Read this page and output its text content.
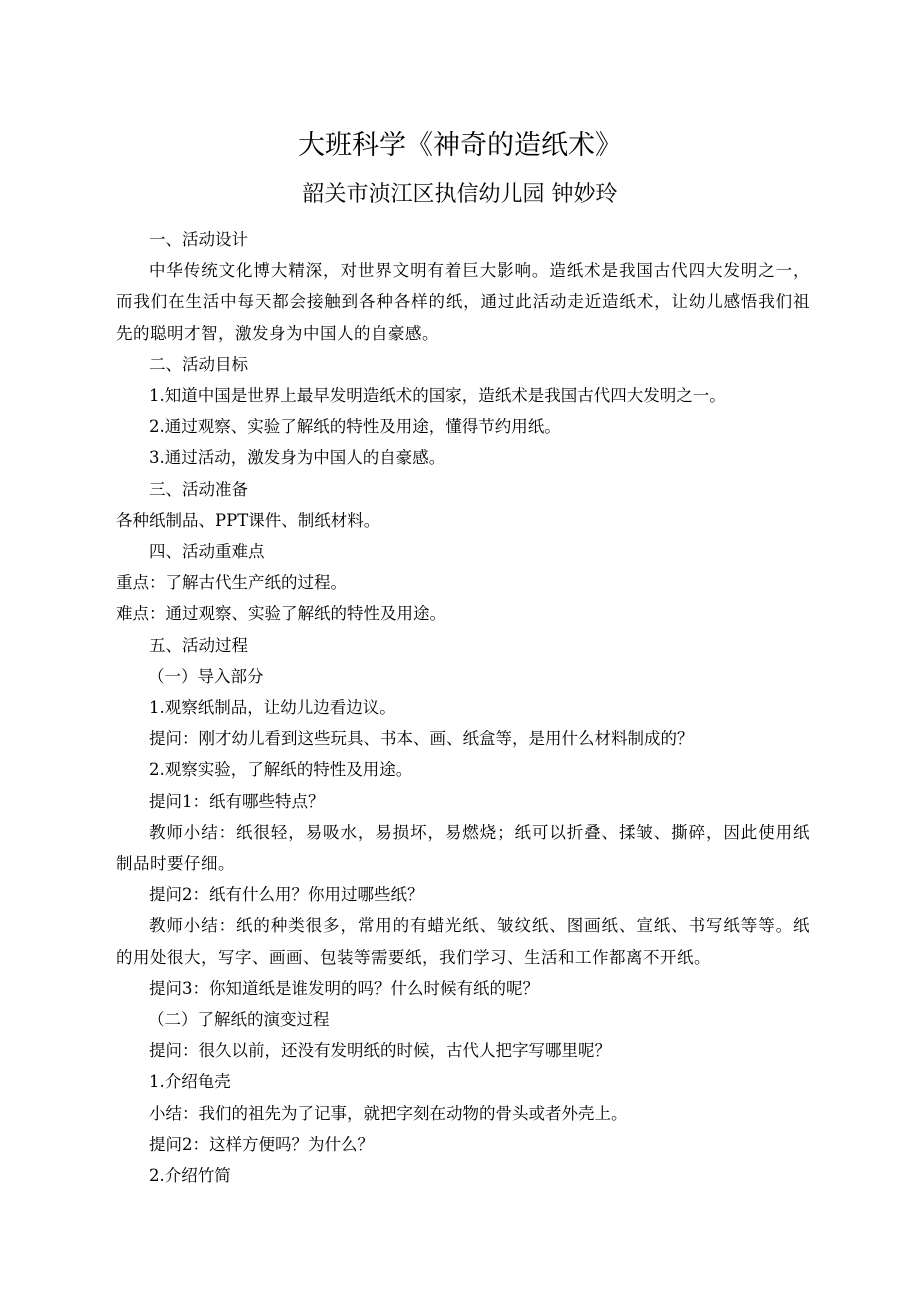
大班科学《神奇的造纸术》
韶关市浈江区执信幼儿园 钟妙玲

一、活动设计

中华传统文化博大精深，对世界文明有着巨大影响。造纸术是我国古代四大发明之一，而我们在生活中每天都会接触到各种各样的纸，通过此活动走近造纸术，让幼儿感悟我们祖先的聪明才智，激发身为中国人的自豪感。

二、活动目标

1.知道中国是世界上最早发明造纸术的国家，造纸术是我国古代四大发明之一。

2.通过观察、实验了解纸的特性及用途，懂得节约用纸。

3.通过活动，激发身为中国人的自豪感。

三、活动准备

各种纸制品、PPT课件、制纸材料。

四、活动重难点

重点：了解古代生产纸的过程。

难点：通过观察、实验了解纸的特性及用途。

五、活动过程

（一）导入部分

1.观察纸制品，让幼儿边看边议。

提问：刚才幼儿看到这些玩具、书本、画、纸盒等，是用什么材料制成的？

2.观察实验，了解纸的特性及用途。

提问1：纸有哪些特点？

教师小结：纸很轻，易吸水，易损坏，易燃烧；纸可以折叠、揉皱、撕碎，因此使用纸制品时要仔细。

提问2：纸有什么用？你用过哪些纸？

教师小结：纸的种类很多，常用的有蜡光纸、皱纹纸、图画纸、宣纸、书写纸等等。纸的用处很大，写字、画画、包装等需要纸，我们学习、生活和工作都离不开纸。

提问3：你知道纸是谁发明的吗？什么时候有纸的呢？

（二）了解纸的演变过程

提问：很久以前，还没有发明纸的时候，古代人把字写哪里呢？

1.介绍龟壳

小结：我们的祖先为了记事，就把字刻在动物的骨头或者外壳上。

提问2：这样方便吗？为什么？

2.介绍竹简
